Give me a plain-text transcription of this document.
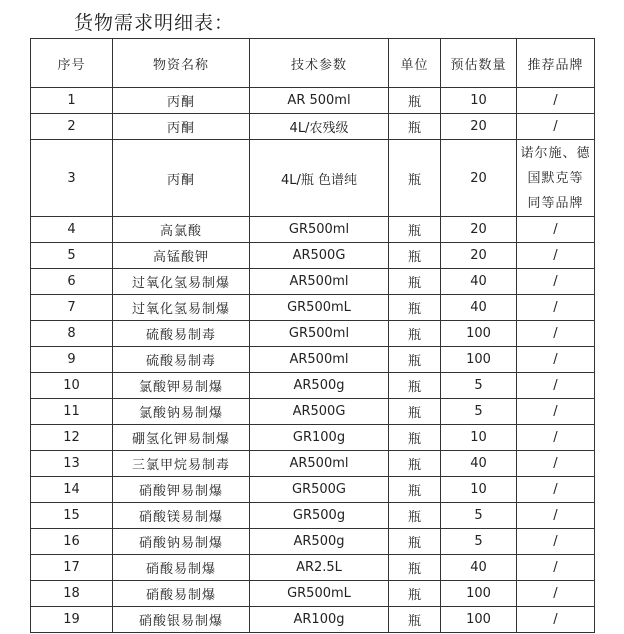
货物需求明细表：
序号	物资名称	技术参数	单位	预估数量	推荐品牌
1	丙酮	AR 500ml	瓶	10	/
2	丙酮	4L/农残级	瓶	20	/
3	丙酮	4L/瓶 色谱纯	瓶	20	诺尔施、德
国默克等
同等品牌

4	高氯酸	GR500ml	瓶	20	/
5	高锰酸钾	AR500G	瓶	20	/
6	过氧化氢易制爆	AR500ml	瓶	40	/
7	过氧化氢易制爆	GR500mL	瓶	40	/
8	硫酸易制毒	GR500ml	瓶	100	/
9	硫酸易制毒	AR500ml	瓶	100	/
10	氯酸钾易制爆	AR500g	瓶	5	/
11	氯酸钠易制爆	AR500G	瓶	5	/
12	硼氢化钾易制爆	GR100g	瓶	10	/
13	三氯甲烷易制毒	AR500ml	瓶	40	/
14	硝酸钾易制爆	GR500G	瓶	10	/
15	硝酸镁易制爆	GR500g	瓶	5	/
16	硝酸钠易制爆	AR500g	瓶	5	/
17	硝酸易制爆	AR2.5L	瓶	40	/
18	硝酸易制爆	GR500mL	瓶	100	/
19	硝酸银易制爆	AR100g	瓶	100	/
